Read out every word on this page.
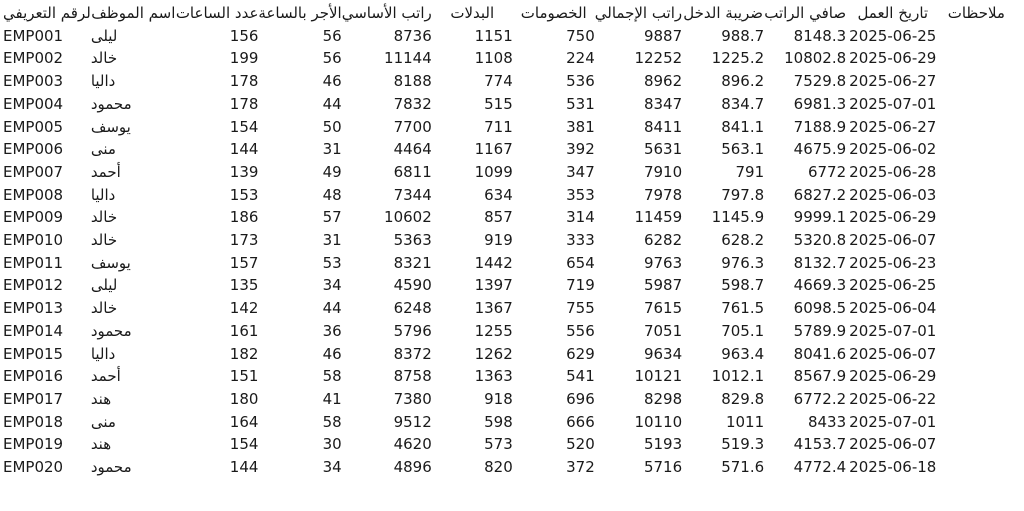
لرقم التعريفي	اسم الموظف	عدد الساعات	الأجر بالساعة	راتب الأساسي	البدلات	الخصومات	راتب الإجمالي	ضريبة الدخل	صافي الراتب	تاريخ العمل	ملاحظات
EMP001	ليلى	156	56	8736	1151	750	9887	988.7	8148.3	2025-06-25	
EMP002	خالد	199	56	11144	1108	224	12252	1225.2	10802.8	2025-06-29	
EMP003	داليا	178	46	8188	774	536	8962	896.2	7529.8	2025-06-27	
EMP004	محمود	178	44	7832	515	531	8347	834.7	6981.3	2025-07-01	
EMP005	يوسف	154	50	7700	711	381	8411	841.1	7188.9	2025-06-27	
EMP006	منى	144	31	4464	1167	392	5631	563.1	4675.9	2025-06-02	
EMP007	أحمد	139	49	6811	1099	347	7910	791	6772	2025-06-28	
EMP008	داليا	153	48	7344	634	353	7978	797.8	6827.2	2025-06-03	
EMP009	خالد	186	57	10602	857	314	11459	1145.9	9999.1	2025-06-29	
EMP010	خالد	173	31	5363	919	333	6282	628.2	5320.8	2025-06-07	
EMP011	يوسف	157	53	8321	1442	654	9763	976.3	8132.7	2025-06-23	
EMP012	ليلى	135	34	4590	1397	719	5987	598.7	4669.3	2025-06-25	
EMP013	خالد	142	44	6248	1367	755	7615	761.5	6098.5	2025-06-04	
EMP014	محمود	161	36	5796	1255	556	7051	705.1	5789.9	2025-07-01	
EMP015	داليا	182	46	8372	1262	629	9634	963.4	8041.6	2025-06-07	
EMP016	أحمد	151	58	8758	1363	541	10121	1012.1	8567.9	2025-06-29	
EMP017	هند	180	41	7380	918	696	8298	829.8	6772.2	2025-06-22	
EMP018	منى	164	58	9512	598	666	10110	1011	8433	2025-07-01	
EMP019	هند	154	30	4620	573	520	5193	519.3	4153.7	2025-06-07	
EMP020	محمود	144	34	4896	820	372	5716	571.6	4772.4	2025-06-18	
